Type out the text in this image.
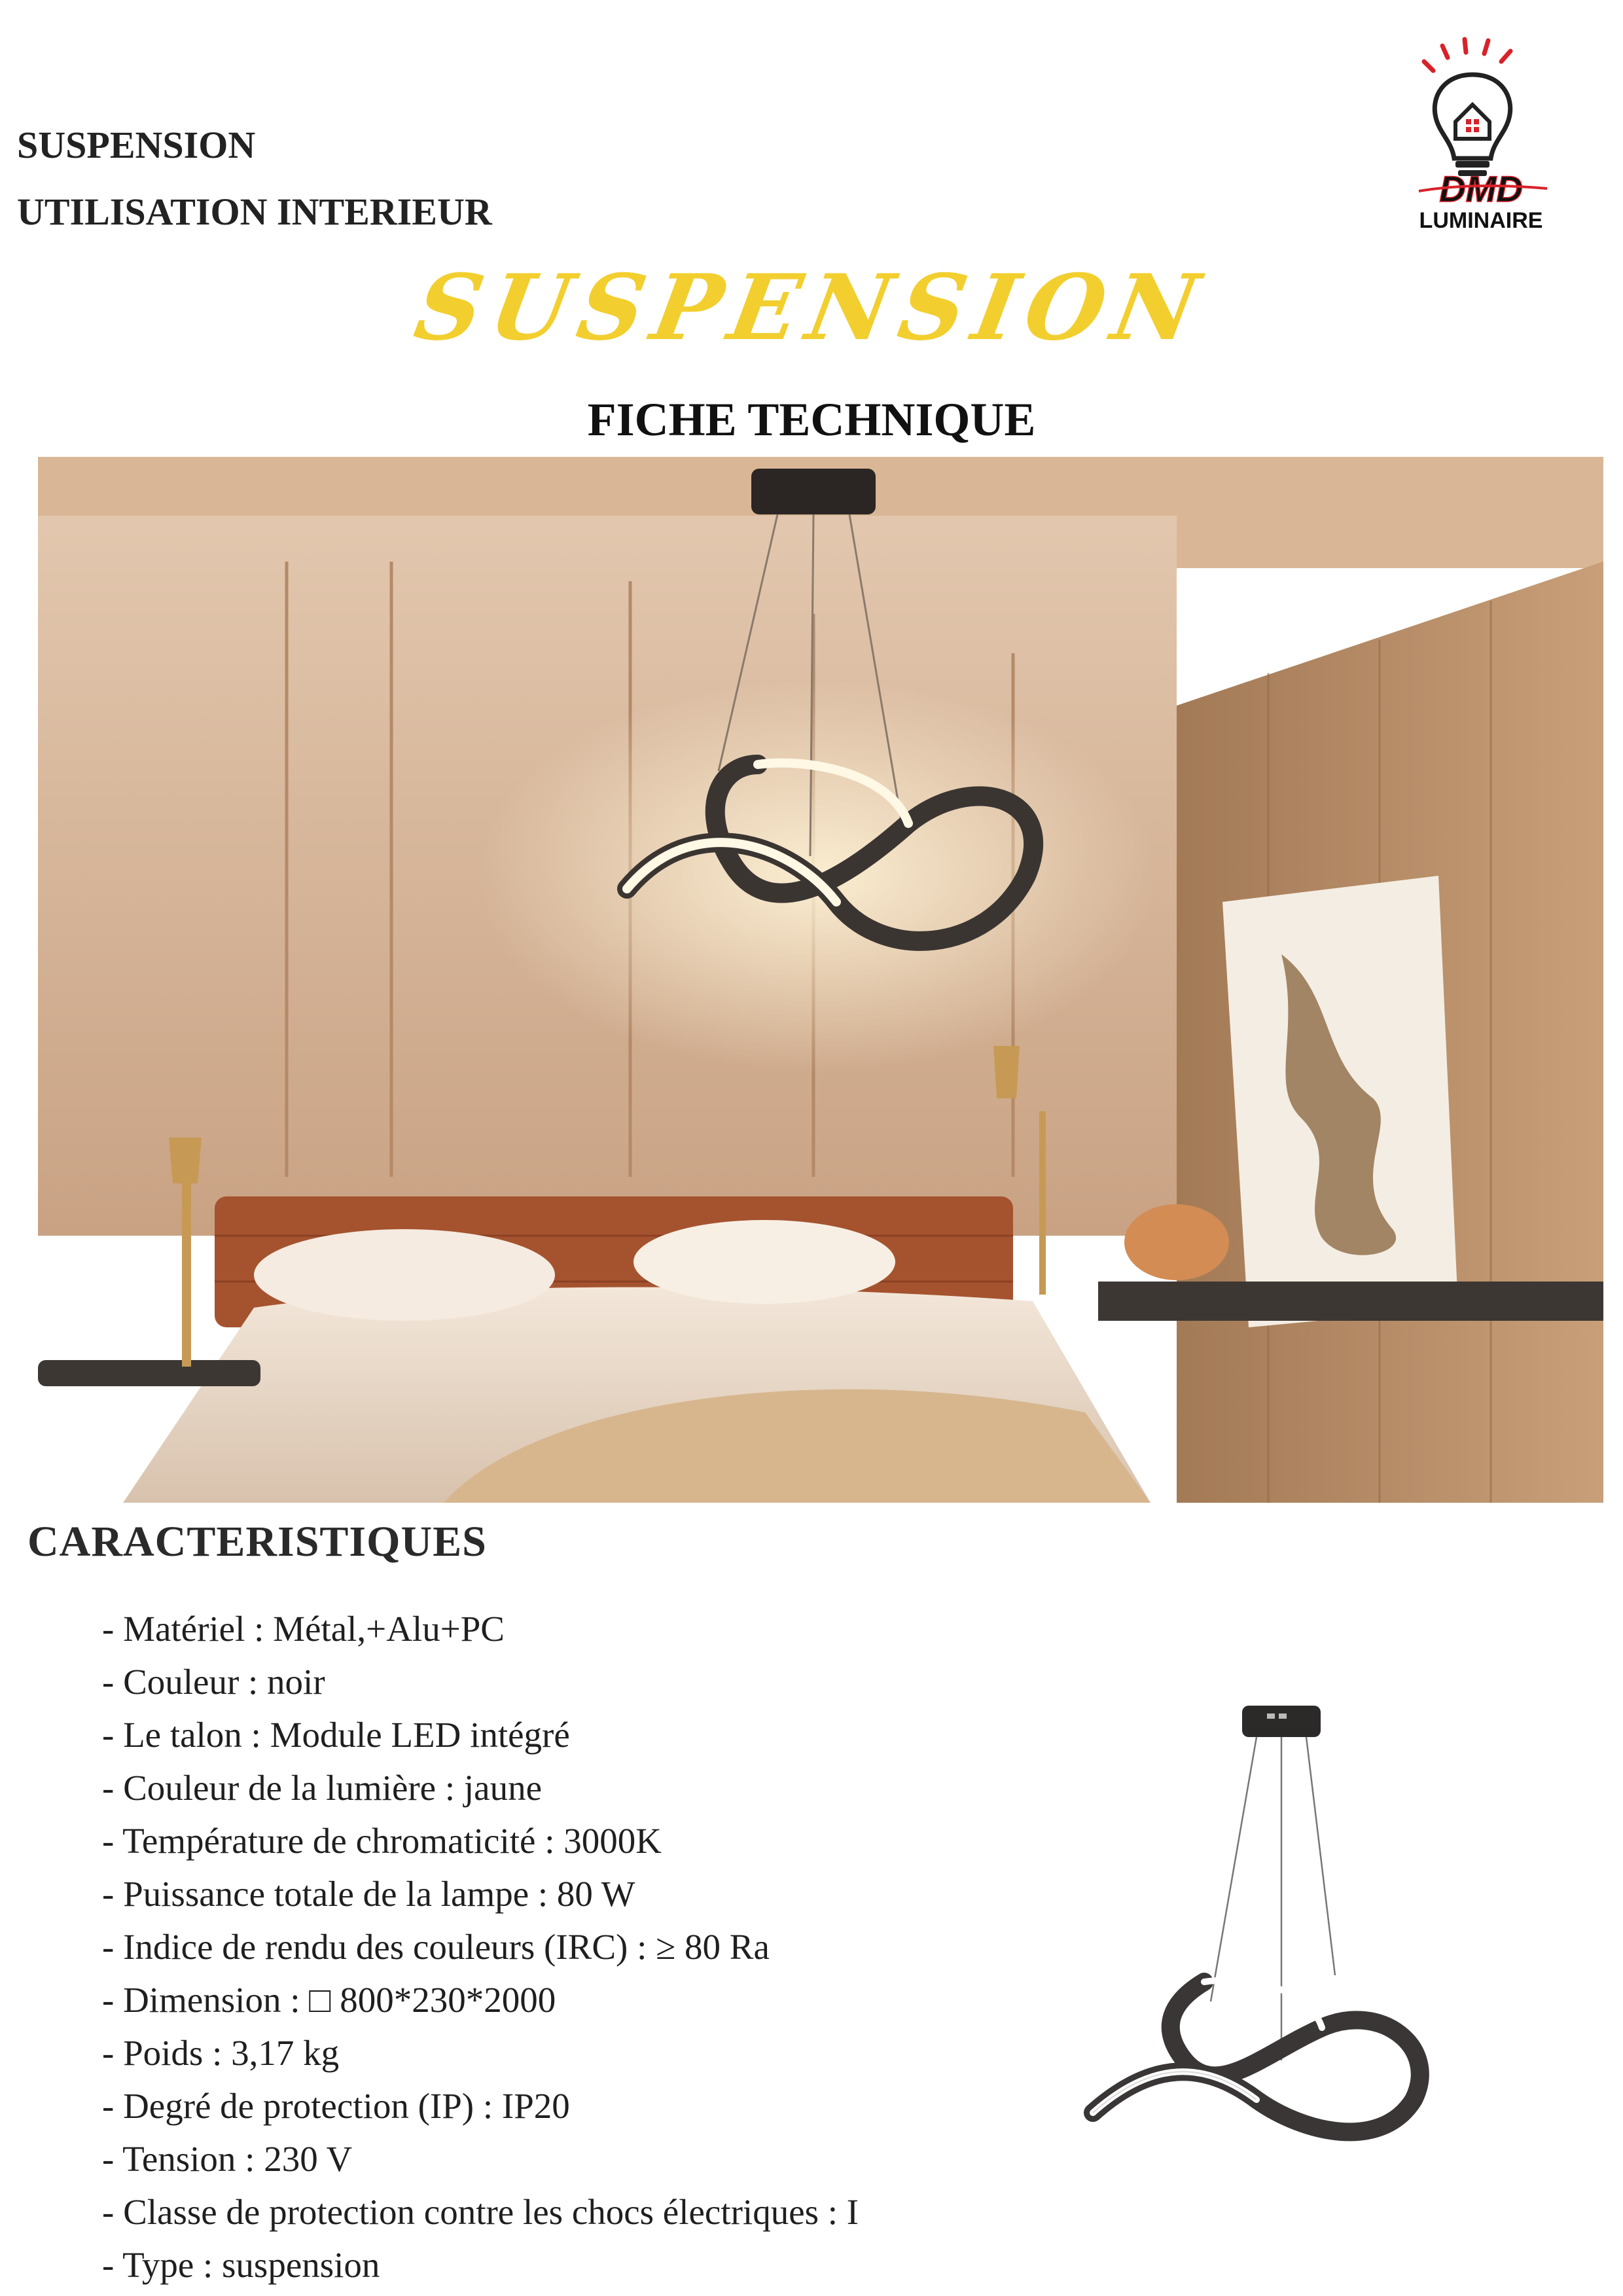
SUSPENSION
UTILISATION INTERIEUR
DMD
LUMINAIRE
SUSPENSION
FICHE TECHNIQUE
CARACTERISTIQUES
- Matériel : Métal,+Alu+PC
- Couleur : noir
- Le talon : Module LED intégré
- Couleur de la lumière : jaune
- Température de chromaticité : 3000K
- Puissance totale de la lampe : 80 W
- Indice de rendu des couleurs (IRC) : ≥ 80 Ra
- Dimension : □ 800*230*2000
- Poids : 3,17 kg
- Degré de protection (IP) : IP20
- Tension : 230 V
- Classe de protection contre les chocs électriques : I
- Type : suspension
